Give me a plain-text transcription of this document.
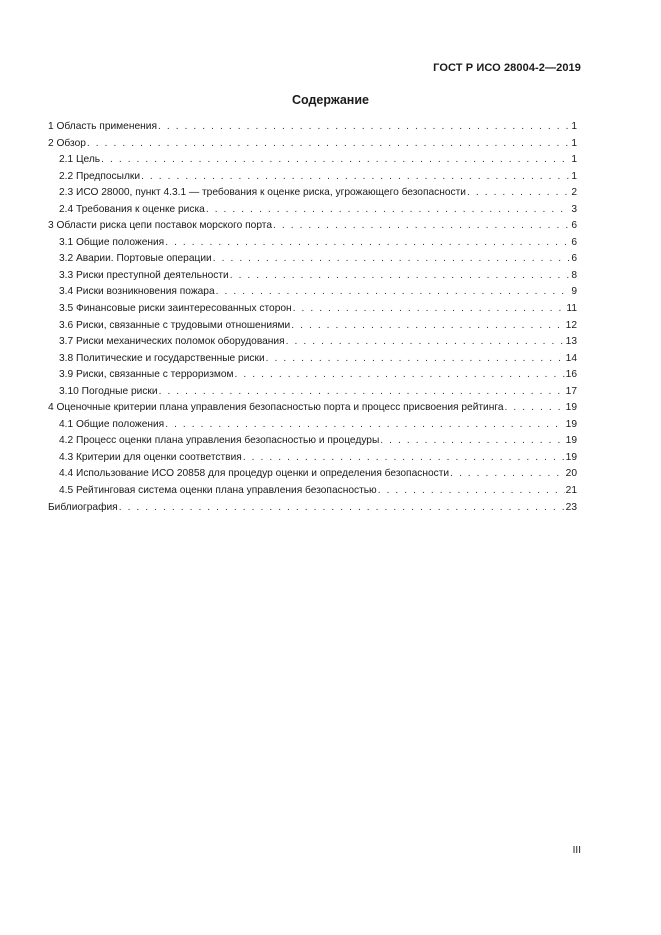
ГОСТ Р ИСО 28004-2—2019
Содержание
1 Область применения . . .	1
2 Обзор . . .	1
2.1 Цель . . .	1
2.2 Предпосылки . . .	1
2.3 ИСО 28000, пункт 4.3.1 — требования к оценке риска, угрожающего безопасности . . .	2
2.4 Требования к оценке риска . . .	3
3 Области риска цепи поставок морского порта . . .	6
3.1 Общие положения . . .	6
3.2 Аварии. Портовые операции . . .	6
3.3 Риски преступной деятельности . . .	8
3.4 Риски возникновения пожара . . .	9
3.5 Финансовые риски заинтересованных сторон . . .	11
3.6 Риски, связанные с трудовыми отношениями . . .	12
3.7 Риски механических поломок оборудования . . .	13
3.8 Политические и государственные риски . . .	14
3.9 Риски, связанные с терроризмом . . .	16
3.10 Погодные риски . . .	17
4 Оценочные критерии плана управления безопасностью порта и процесс присвоения рейтинга . . .	19
4.1 Общие положения . . .	19
4.2 Процесс оценки плана управления безопасностью и процедуры . . .	19
4.3 Критерии для оценки соответствия . . .	19
4.4 Использование ИСО 20858 для процедур оценки и определения безопасности . . .	20
4.5 Рейтинговая система оценки плана управления безопасностью . . .	21
Библиография . . .	23
III
